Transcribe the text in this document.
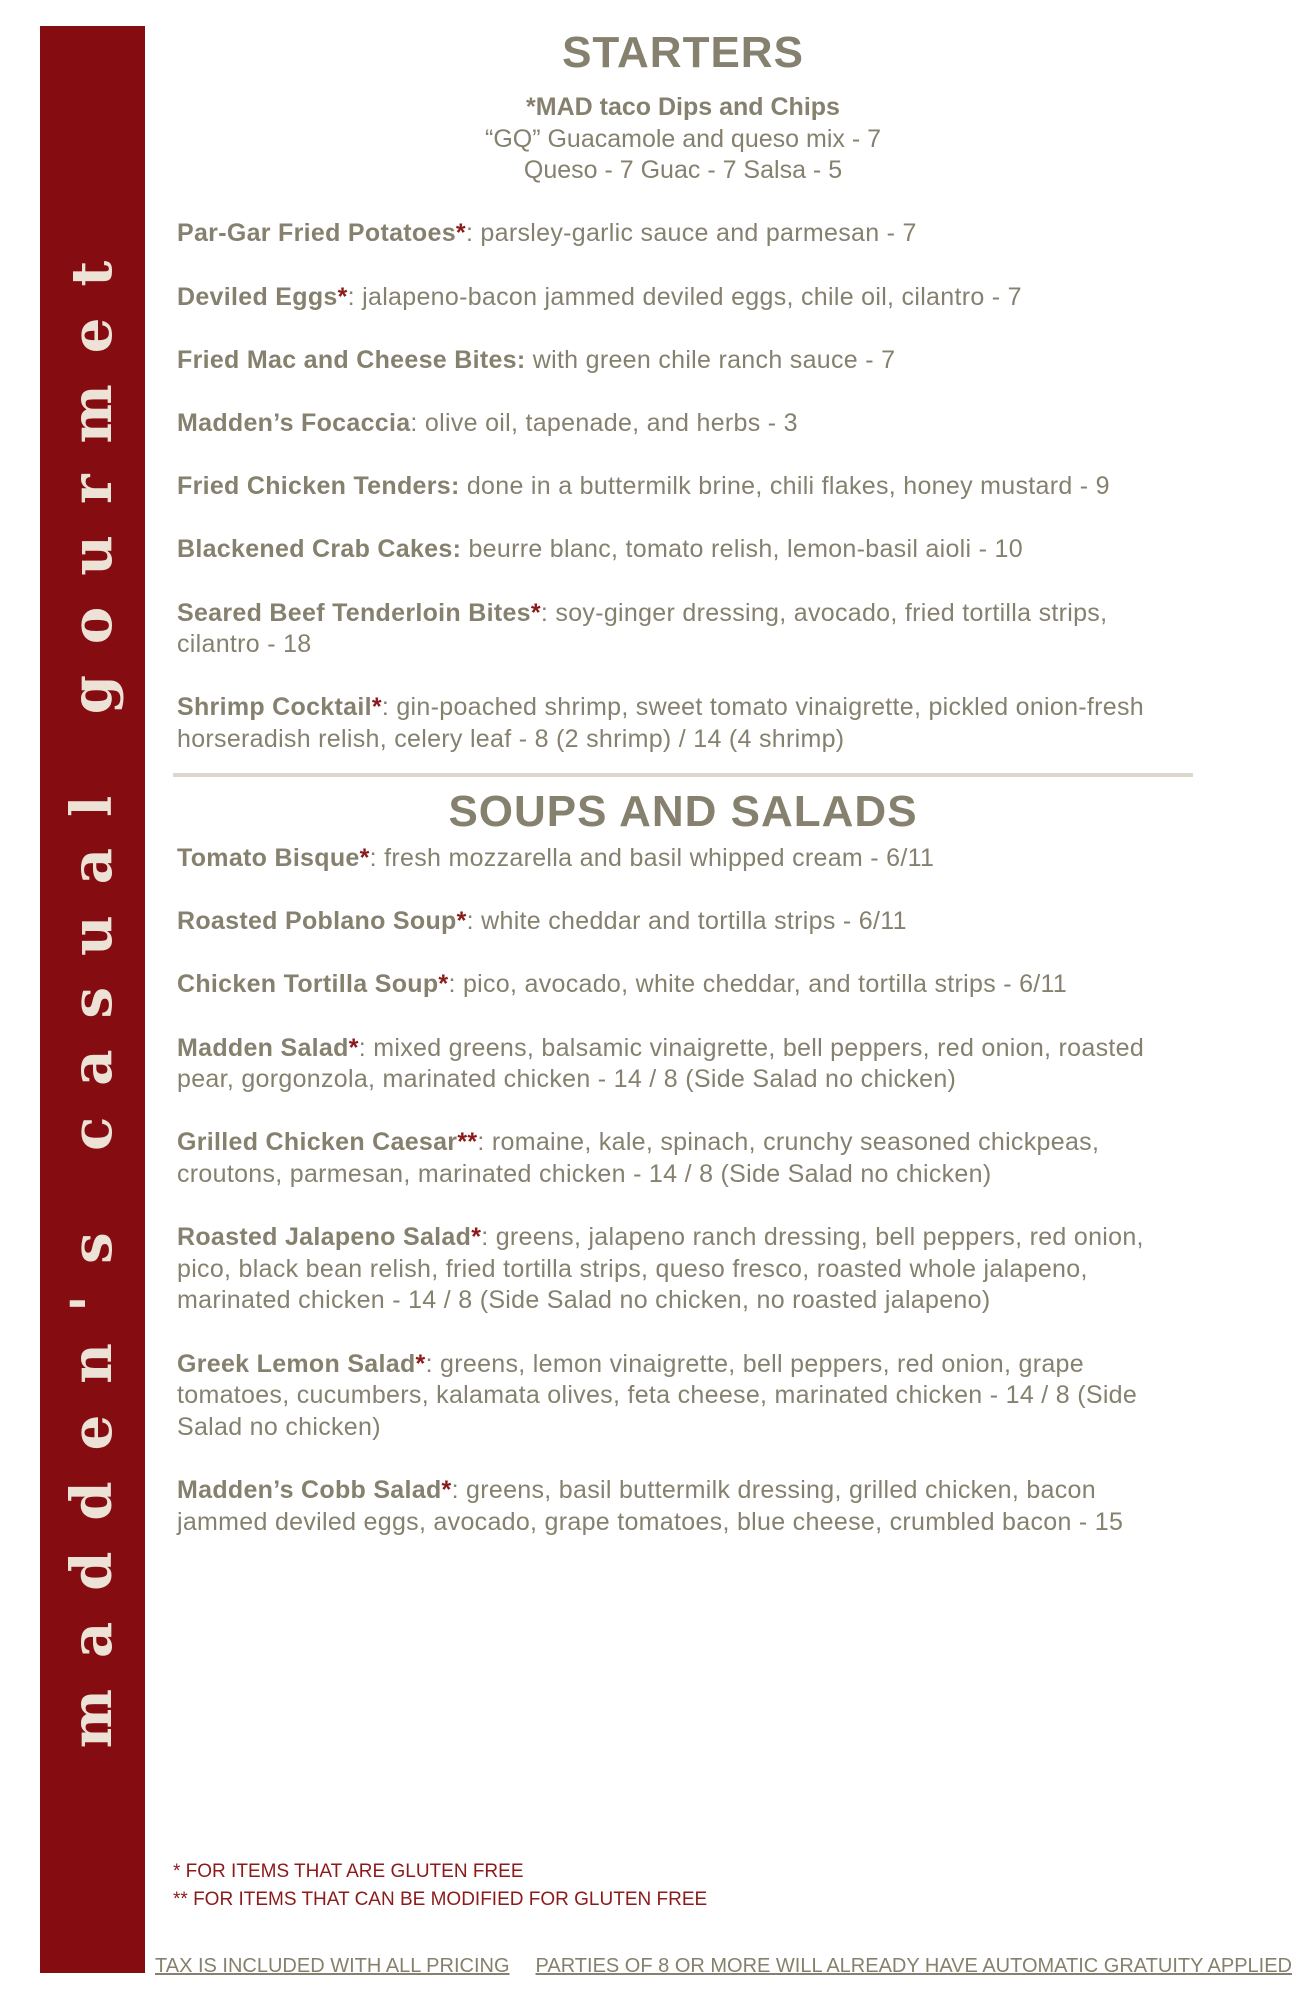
madden's casual gourmet
STARTERS
*MAD taco Dips and Chips
“GQ” Guacamole and queso mix - 7
Queso - 7 Guac - 7 Salsa - 5
Par-Gar Fried Potatoes*: parsley-garlic sauce and parmesan - 7
Deviled Eggs*: jalapeno-bacon jammed deviled eggs, chile oil, cilantro - 7
Fried Mac and Cheese Bites: with green chile ranch sauce - 7
Madden’s Focaccia: olive oil, tapenade, and herbs - 3
Fried Chicken Tenders: done in a buttermilk brine, chili flakes, honey mustard - 9
Blackened Crab Cakes: beurre blanc, tomato relish, lemon-basil aioli - 10
Seared Beef Tenderloin Bites*: soy-ginger dressing, avocado, fried tortilla strips, cilantro - 18
Shrimp Cocktail*: gin-poached shrimp, sweet tomato vinaigrette, pickled onion-fresh horseradish relish, celery leaf - 8 (2 shrimp) / 14 (4 shrimp)
SOUPS AND SALADS
Tomato Bisque*: fresh mozzarella and basil whipped cream - 6/11
Roasted Poblano Soup*: white cheddar and tortilla strips - 6/11
Chicken Tortilla Soup*: pico, avocado, white cheddar, and tortilla strips - 6/11
Madden Salad*: mixed greens, balsamic vinaigrette, bell peppers, red onion, roasted pear, gorgonzola, marinated chicken - 14 / 8 (Side Salad no chicken)
Grilled Chicken Caesar**: romaine, kale, spinach, crunchy seasoned chickpeas, croutons, parmesan, marinated chicken - 14 / 8 (Side Salad no chicken)
Roasted Jalapeno Salad*: greens, jalapeno ranch dressing, bell peppers, red onion, pico, black bean relish, fried tortilla strips, queso fresco, roasted whole jalapeno, marinated chicken - 14 / 8 (Side Salad no chicken, no roasted jalapeno)
Greek Lemon Salad*: greens, lemon vinaigrette, bell peppers, red onion, grape tomatoes, cucumbers, kalamata olives, feta cheese, marinated chicken - 14 / 8 (Side Salad no chicken)
Madden’s Cobb Salad*: greens, basil buttermilk dressing, grilled chicken, bacon jammed deviled eggs, avocado, grape tomatoes, blue cheese, crumbled bacon - 15
* FOR ITEMS THAT ARE GLUTEN FREE
** FOR ITEMS THAT CAN BE MODIFIED FOR GLUTEN FREE
TAX IS INCLUDED WITH ALL PRICING PARTIES OF 8 OR MORE WILL ALREADY HAVE AUTOMATIC GRATUITY APPLIED
